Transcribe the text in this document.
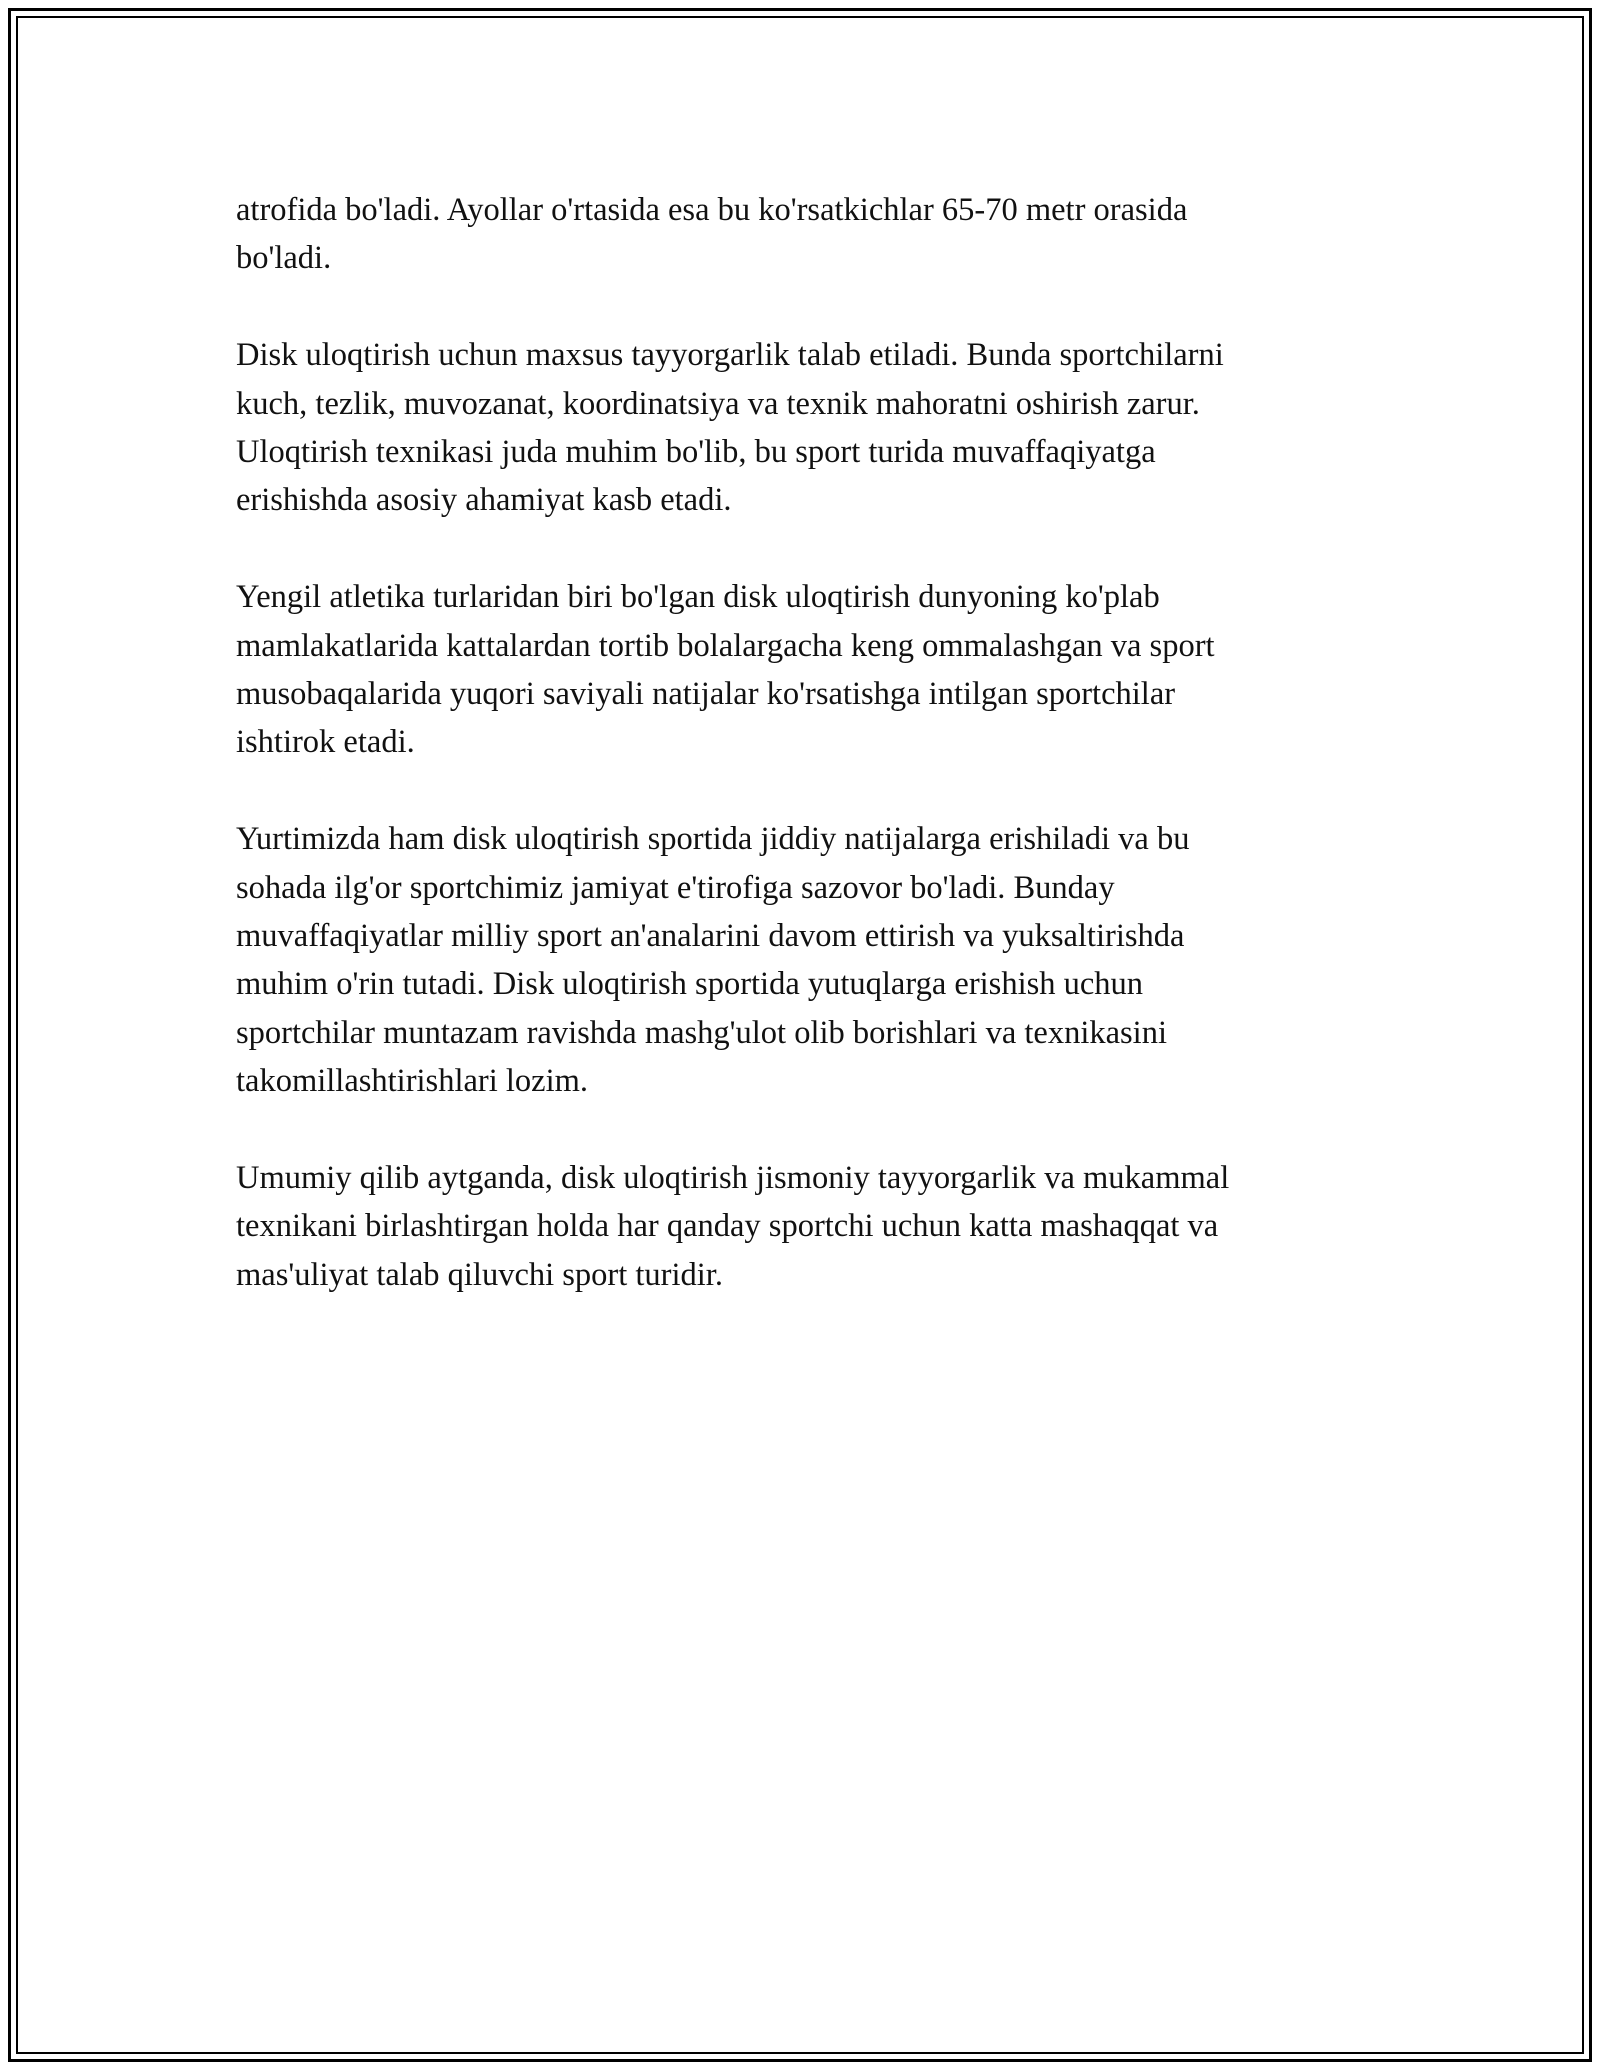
atrofida bo'ladi. Ayollar o'rtasida esa bu ko'rsatkichlar 65-70 metr orasida
bo'ladi.

Disk uloqtirish uchun maxsus tayyorgarlik talab etiladi. Bunda sportchilarni
kuch, tezlik, muvozanat, koordinatsiya va texnik mahoratni oshirish zarur.
Uloqtirish texnikasi juda muhim bo'lib, bu sport turida muvaffaqiyatga
erishishda asosiy ahamiyat kasb etadi.

Yengil atletika turlaridan biri bo'lgan disk uloqtirish dunyoning ko'plab
mamlakatlarida kattalardan tortib bolalargacha keng ommalashgan va sport
musobaqalarida yuqori saviyali natijalar ko'rsatishga intilgan sportchilar
ishtirok etadi.

Yurtimizda ham disk uloqtirish sportida jiddiy natijalarga erishiladi va bu
sohada ilg'or sportchimiz jamiyat e'tirofiga sazovor bo'ladi. Bunday
muvaffaqiyatlar milliy sport an'analarini davom ettirish va yuksaltirishda
muhim o'rin tutadi. Disk uloqtirish sportida yutuqlarga erishish uchun
sportchilar muntazam ravishda mashg'ulot olib borishlari va texnikasini
takomillashtirishlari lozim.

Umumiy qilib aytganda, disk uloqtirish jismoniy tayyorgarlik va mukammal
texnikani birlashtirgan holda har qanday sportchi uchun katta mashaqqat va
mas'uliyat talab qiluvchi sport turidir.
